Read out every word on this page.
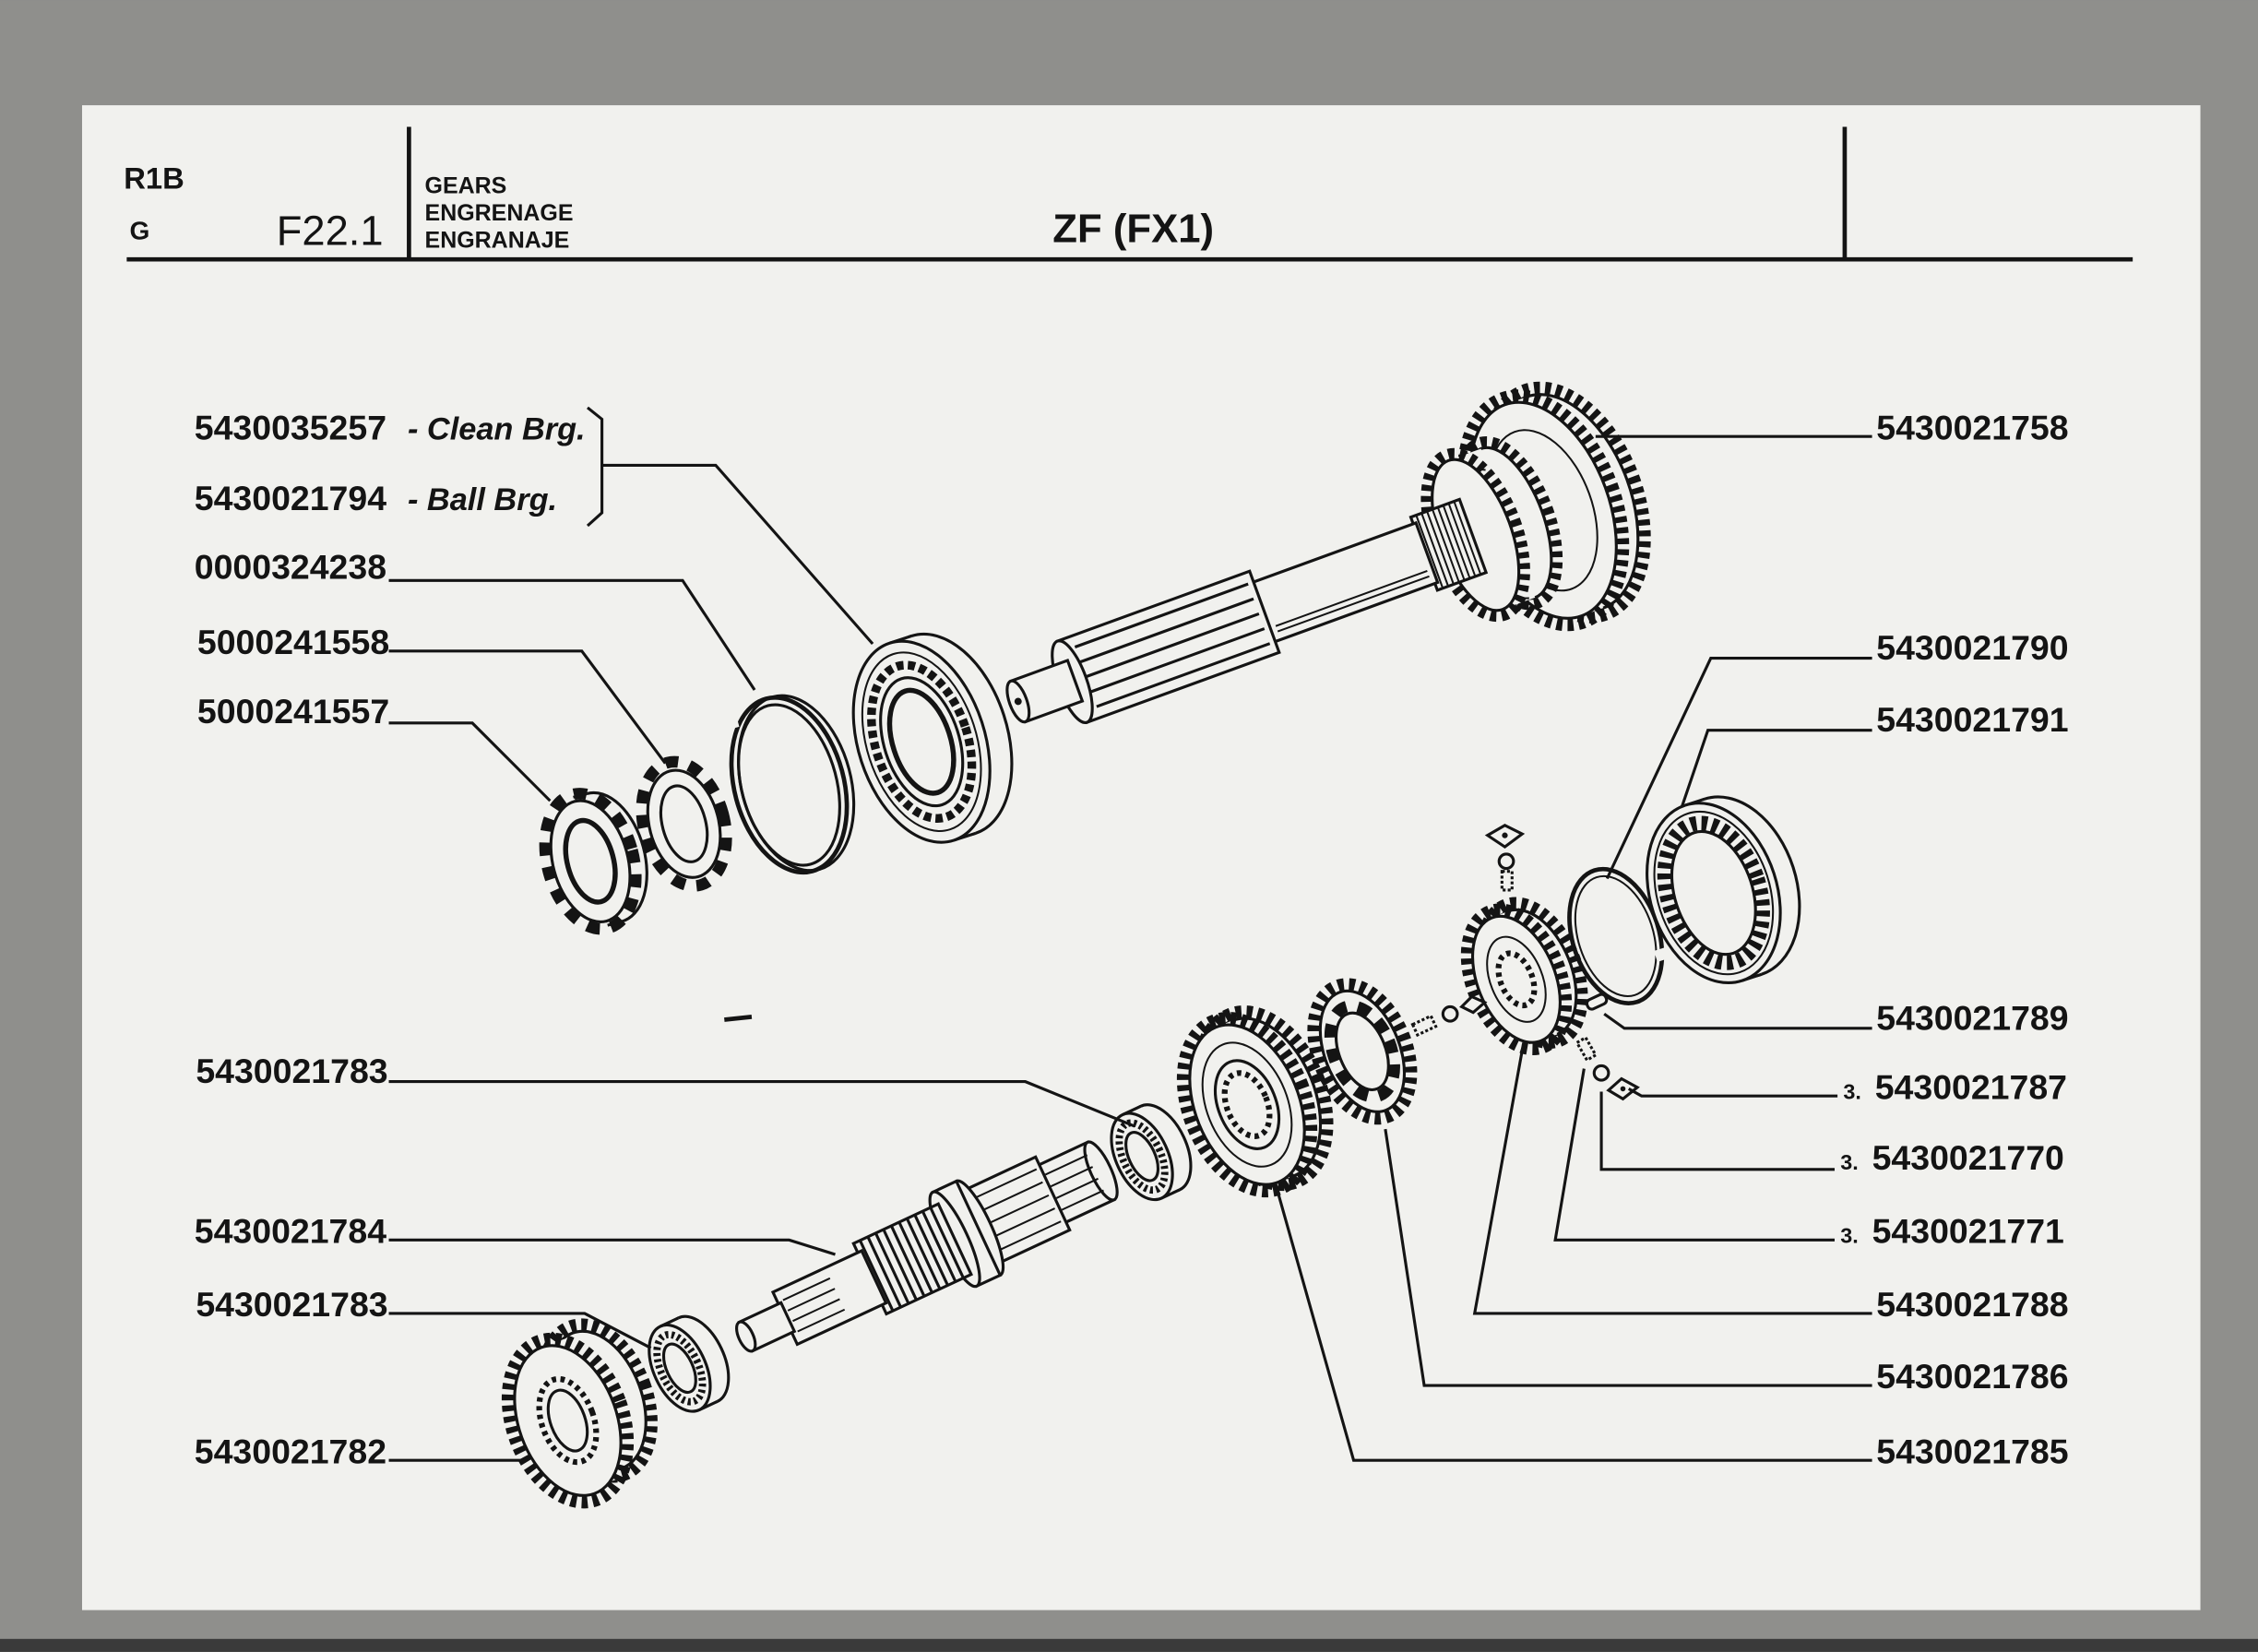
R1B
G	F22.1
GEARS
ENGRENAGE
ENGRANAJE	ZF (FX1)
5430035257 - Clean Brg.
5430021794 - Ball Brg.
0000324238
5000241558
5000241557
5430021783
5430021784
5430021783
5430021782
5430021758
5430021790
5430021791
5430021789
3. 5430021787
3. 5430021770
3. 5430021771
5430021788
5430021786
5430021785
